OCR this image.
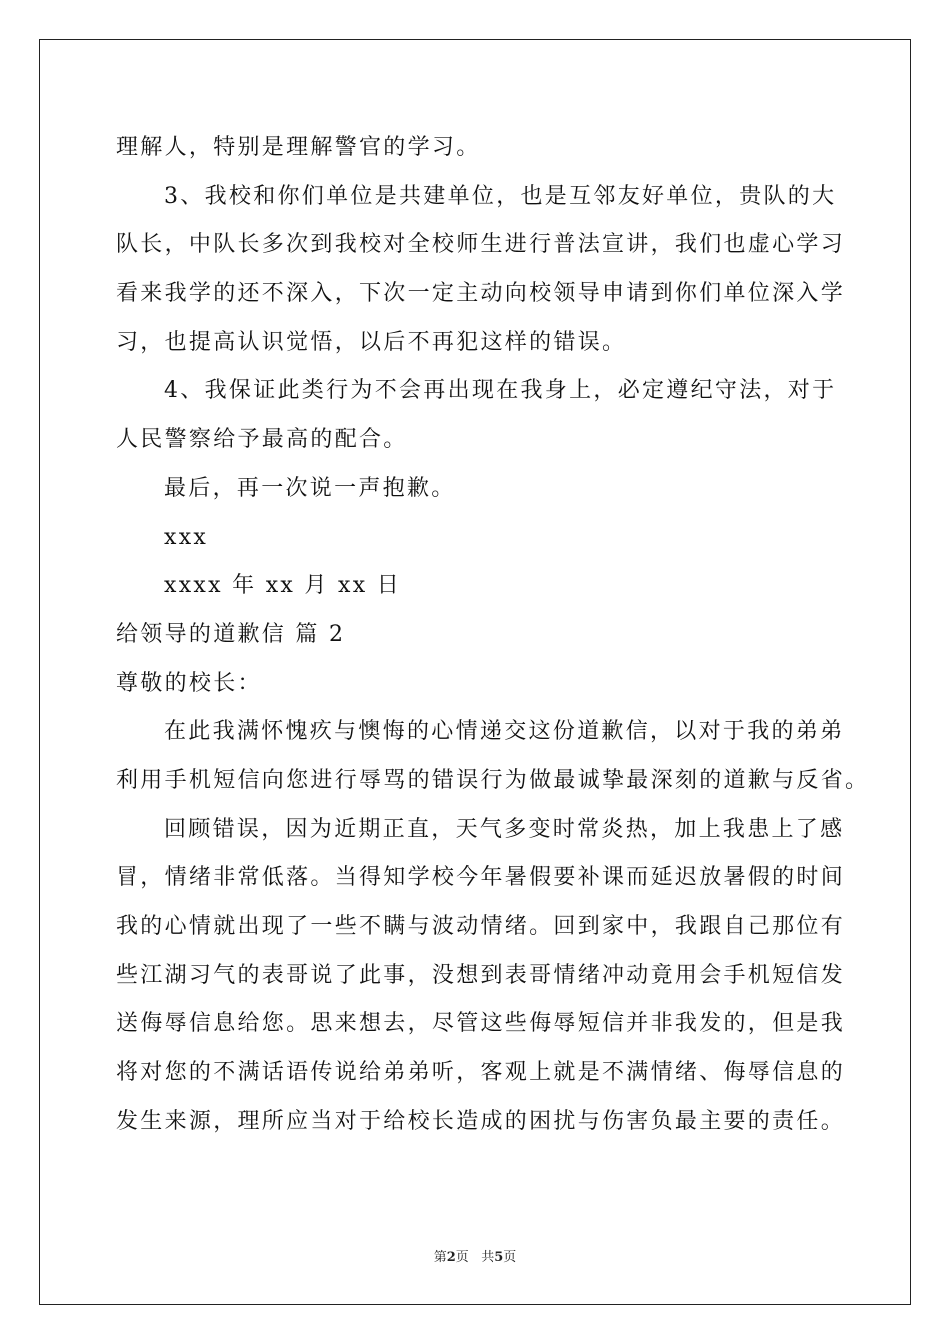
理解人，特别是理解警官的学习。
3、我校和你们单位是共建单位，也是互邻友好单位，贵队的大
队长，中队长多次到我校对全校师生进行普法宣讲，我们也虚心学习
看来我学的还不深入，下次一定主动向校领导申请到你们单位深入学
习，也提高认识觉悟，以后不再犯这样的错误。
4、我保证此类行为不会再出现在我身上，必定遵纪守法，对于
人民警察给予最高的配合。
最后，再一次说一声抱歉。
xxx
xxxx 年 xx 月 xx 日
给领导的道歉信 篇 2
尊敬的校长：
在此我满怀愧疚与懊悔的心情递交这份道歉信，以对于我的弟弟
利用手机短信向您进行辱骂的错误行为做最诚挚最深刻的道歉与反省。
回顾错误，因为近期正直，天气多变时常炎热，加上我患上了感
冒，情绪非常低落。当得知学校今年暑假要补课而延迟放暑假的时间
我的心情就出现了一些不瞒与波动情绪。回到家中，我跟自己那位有
些江湖习气的表哥说了此事，没想到表哥情绪冲动竟用会手机短信发
送侮辱信息给您。思来想去，尽管这些侮辱短信并非我发的，但是我
将对您的不满话语传说给弟弟听，客观上就是不满情绪、侮辱信息的
发生来源，理所应当对于给校长造成的困扰与伤害负最主要的责任。
第2页 共5页
